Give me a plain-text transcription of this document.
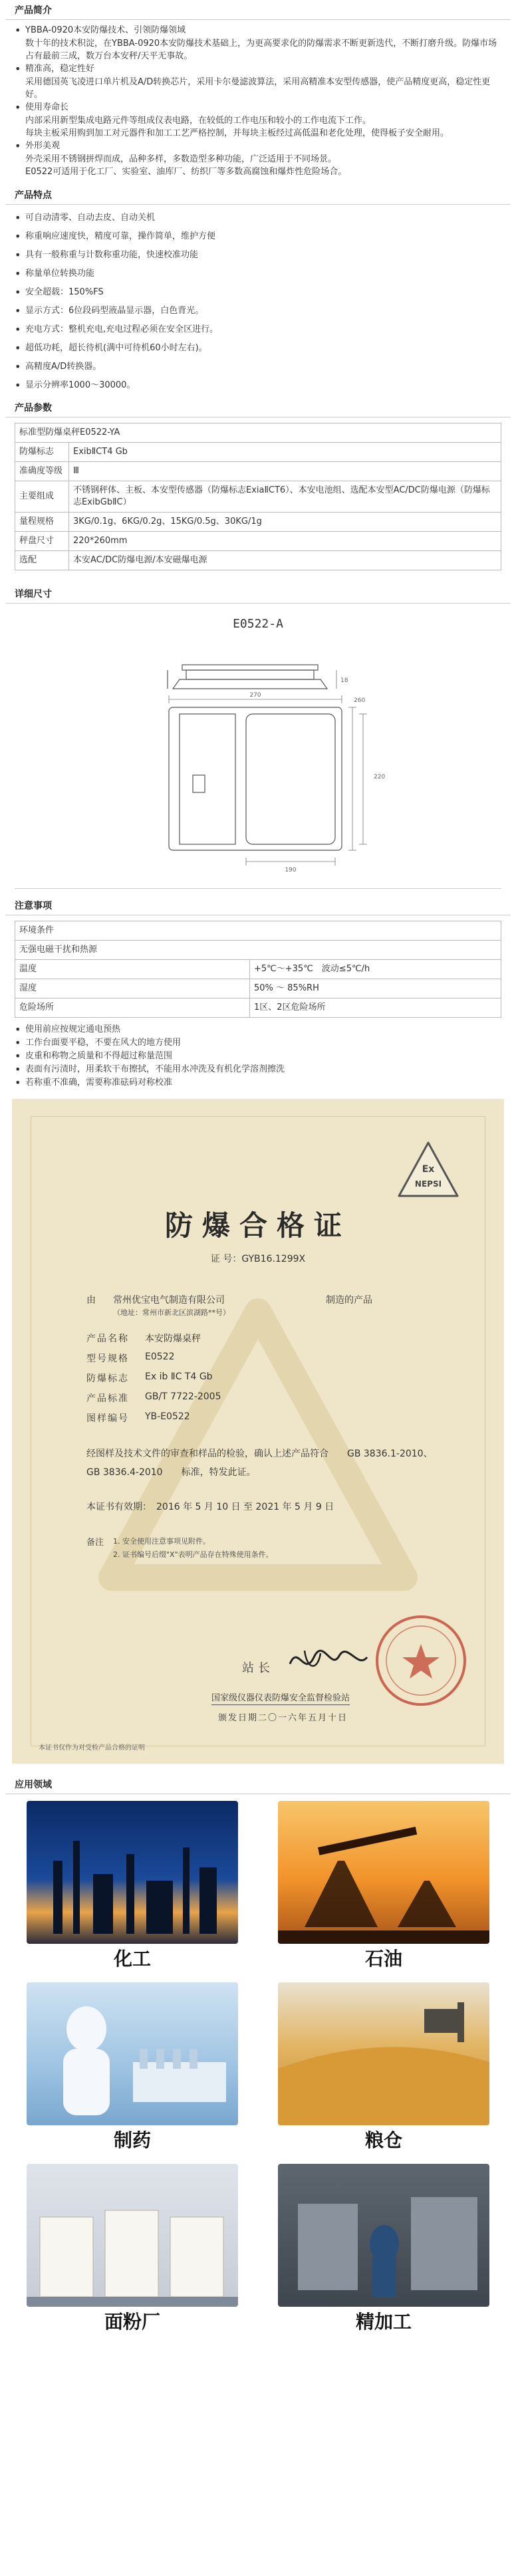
产品简介
• YBBA-0920本安防爆技术、引领防爆领域
数十年的技术积淀，在YBBA-0920本安防爆技术基础上，为更高要求化的防爆需求不断更新迭代，不断打磨升级。防爆市场占有最前三成，数万台本安秤/天平无事故。
• 精准高，稳定性好
采用德国英飞凌进口单片机及A/D转换芯片，采用卡尔曼滤波算法，采用高精准本安型传感器，使产品精度更高，稳定性更好。
• 使用寿命长
内部采用新型集成电路元件等组成仪表电路，在较低的工作电压和较小的工作电流下工作。
每块主板采用购到加工对元器件和加工工艺严格控制，并每块主板经过高低温和老化处理，使得板子安全耐用。
• 外形美观
外壳采用不锈钢拼焊而成，品种多样，多数造型多种功能，广泛适用于不同场景。
E0522可适用于化工厂、实验室、油库厂、纺织厂等多数高腐蚀和爆炸性危险场合。
产品特点
• 可自动清零、自动去皮、自动关机
• 称重响应速度快，精度可靠，操作简单，维护方便
• 具有一般称重与计数称重功能，快速校准功能
• 称量单位转换功能
• 安全超载：150%FS
• 显示方式：6位段码型液晶显示器，白色背光。
• 充电方式：整机充电,充电过程必须在安全区进行。
• 超低功耗，超长待机(满中可待机60小时左右)。
• 高精度A/D转换器。
• 显示分辨率1000～30000。
产品参数
标准型防爆桌秤E0522-YA	
防爆标志	ExibⅡCT4 Gb
准确度等级	Ⅲ
主要组成	不锈钢秤体、主板、本安型传感器（防爆标志ExiaⅡCT6）、本安电池组、选配本安型AC/DC防爆电源（防爆标志ExibGbⅡC）
量程规格	3KG/0.1g、6KG/0.2g、15KG/0.5g、30KG/1g
秤盘尺寸	220*260mm
选配	本安AC/DC防爆电源/本安磁爆电源
详细尺寸
E0522-A
270
220
260
190
18
注意事项
环境条件	
无强电磁干扰和热源	
温度	+5℃～+35℃　波动≤5℃/h
湿度	50% ～ 85%RH
危险场所	1区、2区危险场所
• 使用前应按规定通电预热
• 工作台面要平稳，不要在风大的地方使用
• 皮重和称物之质量和不得超过称量范围
• 表面有污渍时，用柔软干布擦拭，不能用水冲洗及有机化学溶剂擦洗
• 若称重不准确，需要称准砝码对称校准
Ex
NEPSI
防爆合格证
证 号：GYB16.1299X
由	常州优宝电气制造有限公司	制造的产品
（地址：常州市新北区滨湖路**号）
产品名称	本安防爆桌秤
型号规格	E0522
防爆标志	Ex ib ⅡC T4 Gb
产品标准	GB/T 7722-2005
图样编号	YB-E0522
经图样及技术文件的审查和样品的检验，确认上述产品符合　　GB 3836.1-2010、GB 3836.4-2010　　标准，特发此证。
本证书有效期：　2016 年 5 月 10 日 至 2021 年 5 月 9 日
备注	1. 安全使用注意事项见附件。
2. 证书编号后缀"X"表明产品存在特殊使用条件。
站长
国家级仪器仪表防爆安全监督检验站
颁发日期二〇一六年五月十日
本证书仅作为对受检产品合格的证明
应用领域
化工	石油
制药	粮仓
面粉厂	精加工
